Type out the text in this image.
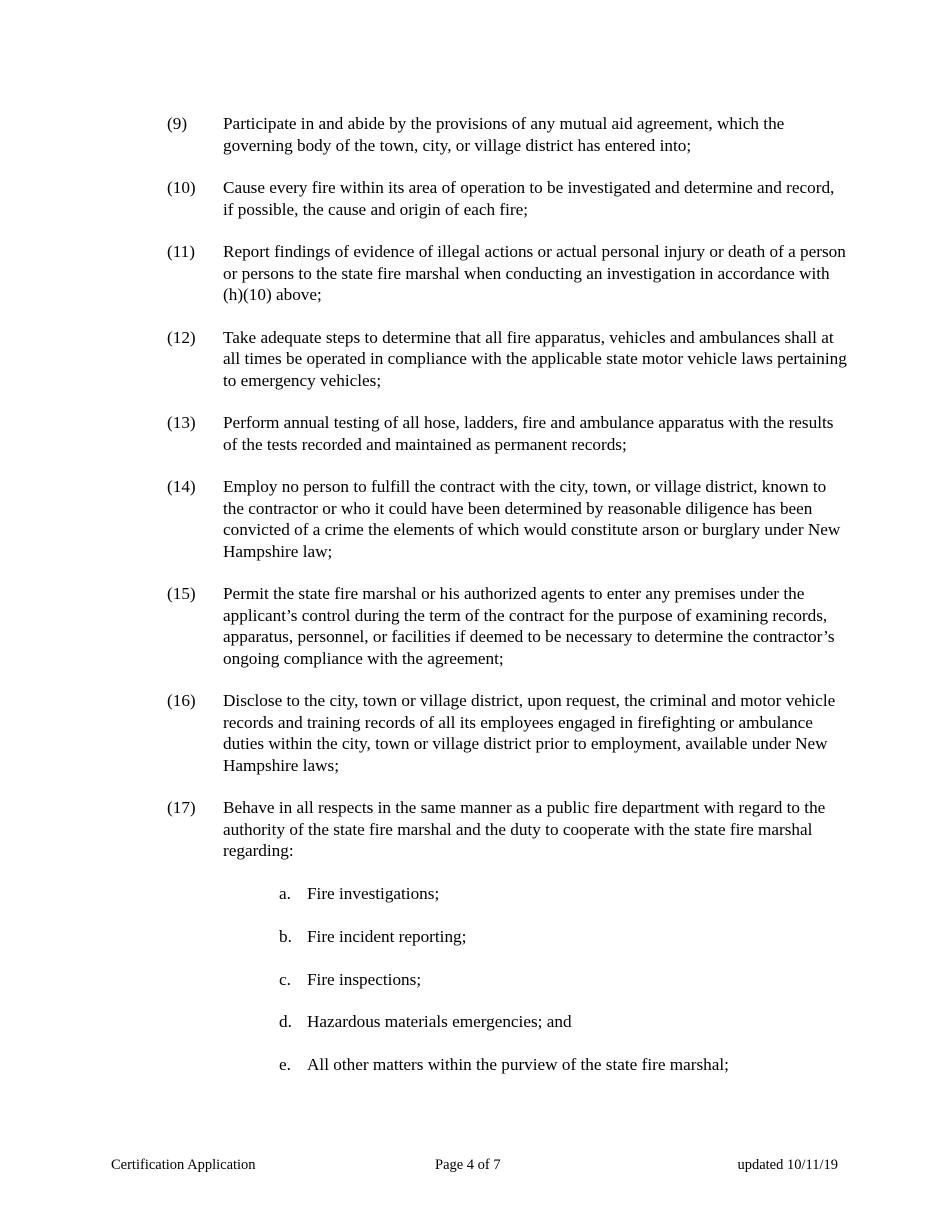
(9)	Participate in and abide by the provisions of any mutual aid agreement, which the governing body of the town, city, or village district has entered into;
(10)	Cause every fire within its area of operation to be investigated and determine and record, if possible, the cause and origin of each fire;
(11)	Report findings of evidence of illegal actions or actual personal injury or death of a person or persons to the state fire marshal when conducting an investigation in accordance with (h)(10) above;
(12)	Take adequate steps to determine that all fire apparatus, vehicles and ambulances shall at all times be operated in compliance with the applicable state motor vehicle laws pertaining to emergency vehicles;
(13)	Perform annual testing of all hose, ladders, fire and ambulance apparatus with the results of the tests recorded and maintained as permanent records;
(14)	Employ no person to fulfill the contract with the city, town, or village district, known to the contractor or who it could have been determined by reasonable diligence has been convicted of a crime the elements of which would constitute arson or burglary under New Hampshire law;
(15)	Permit the state fire marshal or his authorized agents to enter any premises under the applicant’s control during the term of the contract for the purpose of examining records, apparatus, personnel, or facilities if deemed to be necessary to determine the contractor’s ongoing compliance with the agreement;
(16)	Disclose to the city, town or village district, upon request, the criminal and motor vehicle records and training records of all its employees engaged in firefighting or ambulance duties within the city, town or village district prior to employment, available under New Hampshire laws;
(17)	Behave in all respects in the same manner as a public fire department with regard to the authority of the state fire marshal and the duty to cooperate with the state fire marshal regarding:
a. Fire investigations;
b. Fire incident reporting;
c. Fire inspections;
d. Hazardous materials emergencies; and
e. All other matters within the purview of the state fire marshal;
Certification Application	Page 4 of 7	updated 10/11/19
